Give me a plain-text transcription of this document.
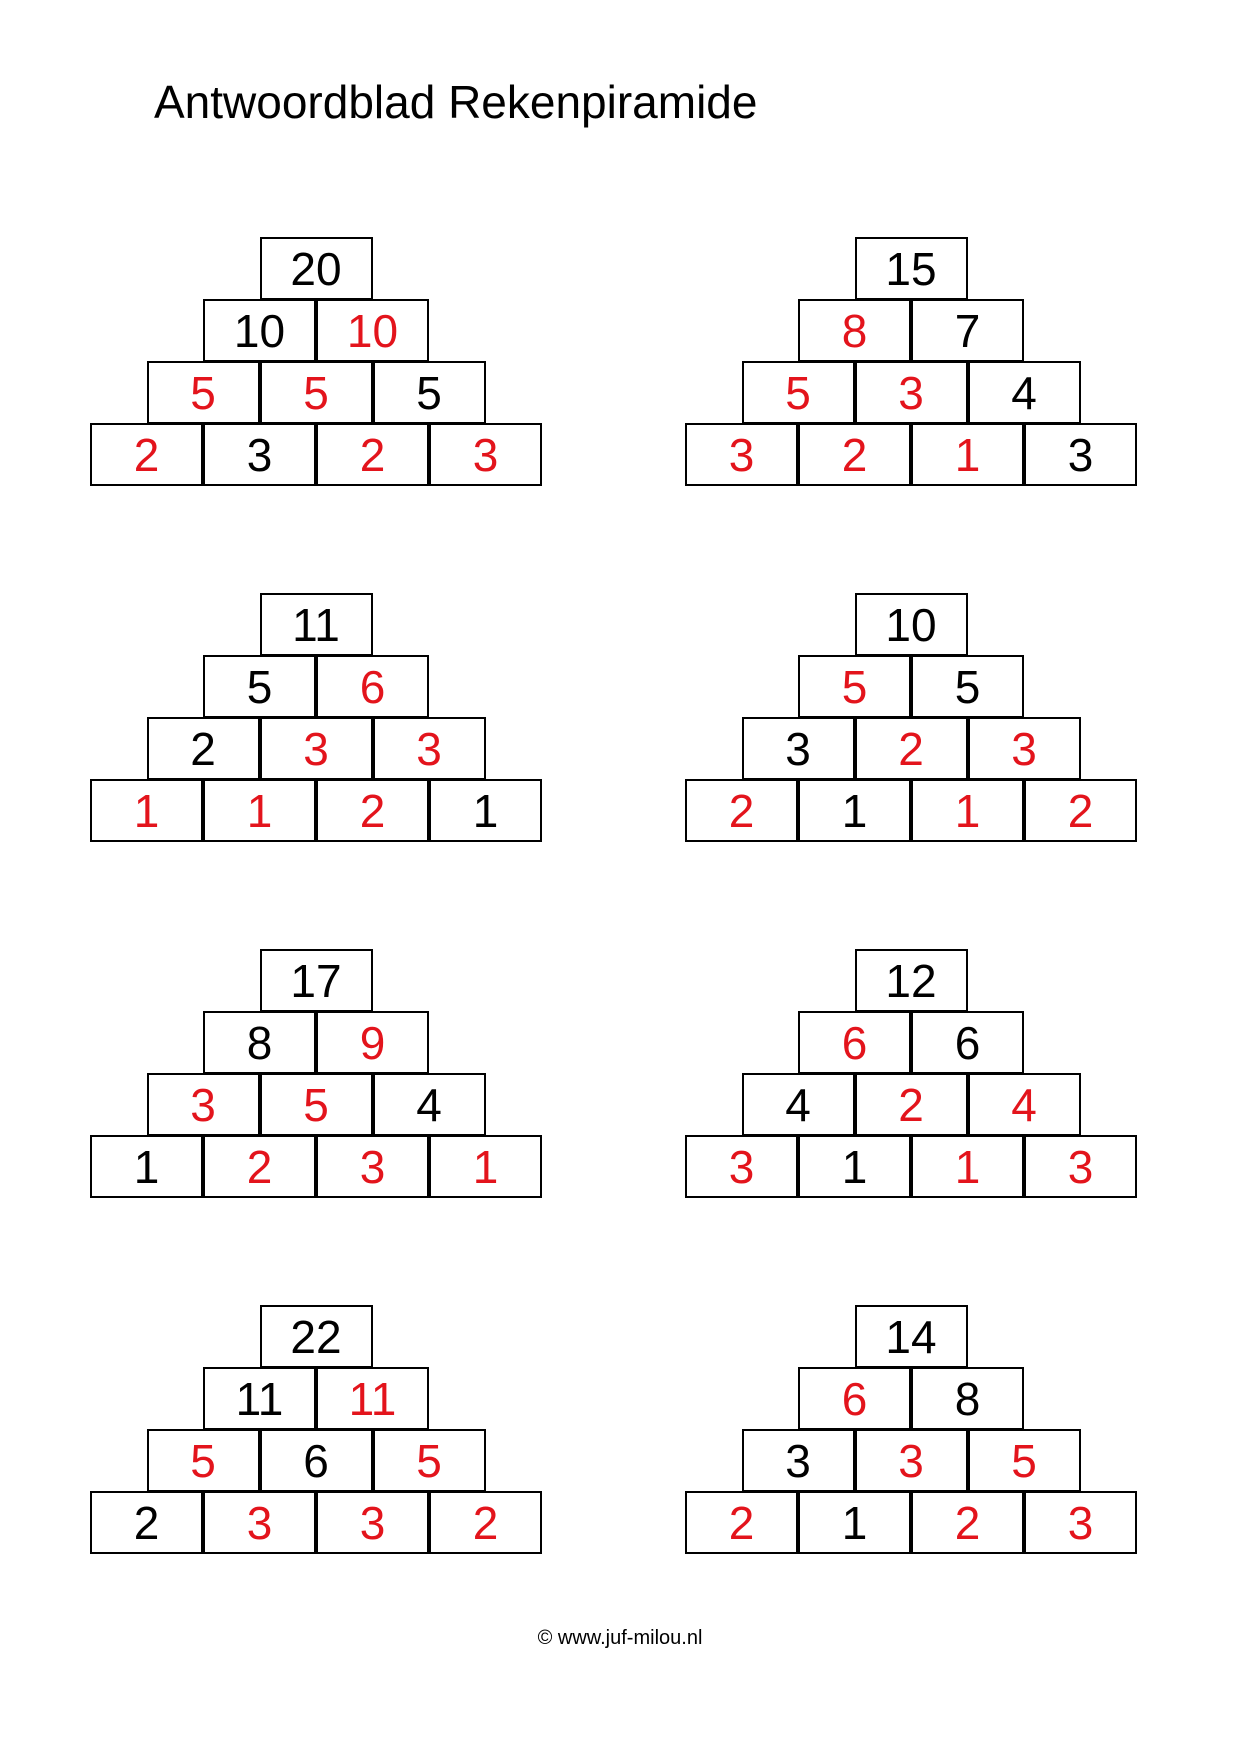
Antwoordblad Rekenpiramide
20
10	10
5	5	5
2	3	2	3
15
8	7
5	3	4
3	2	1	3
11
5	6
2	3	3
1	1	2	1
10
5	5
3	2	3
2	1	1	2
17
8	9
3	5	4
1	2	3	1
12
6	6
4	2	4
3	1	1	3
22
11	11
5	6	5
2	3	3	2
14
6	8
3	3	5
2	1	2	3
© www.juf-milou.nl
